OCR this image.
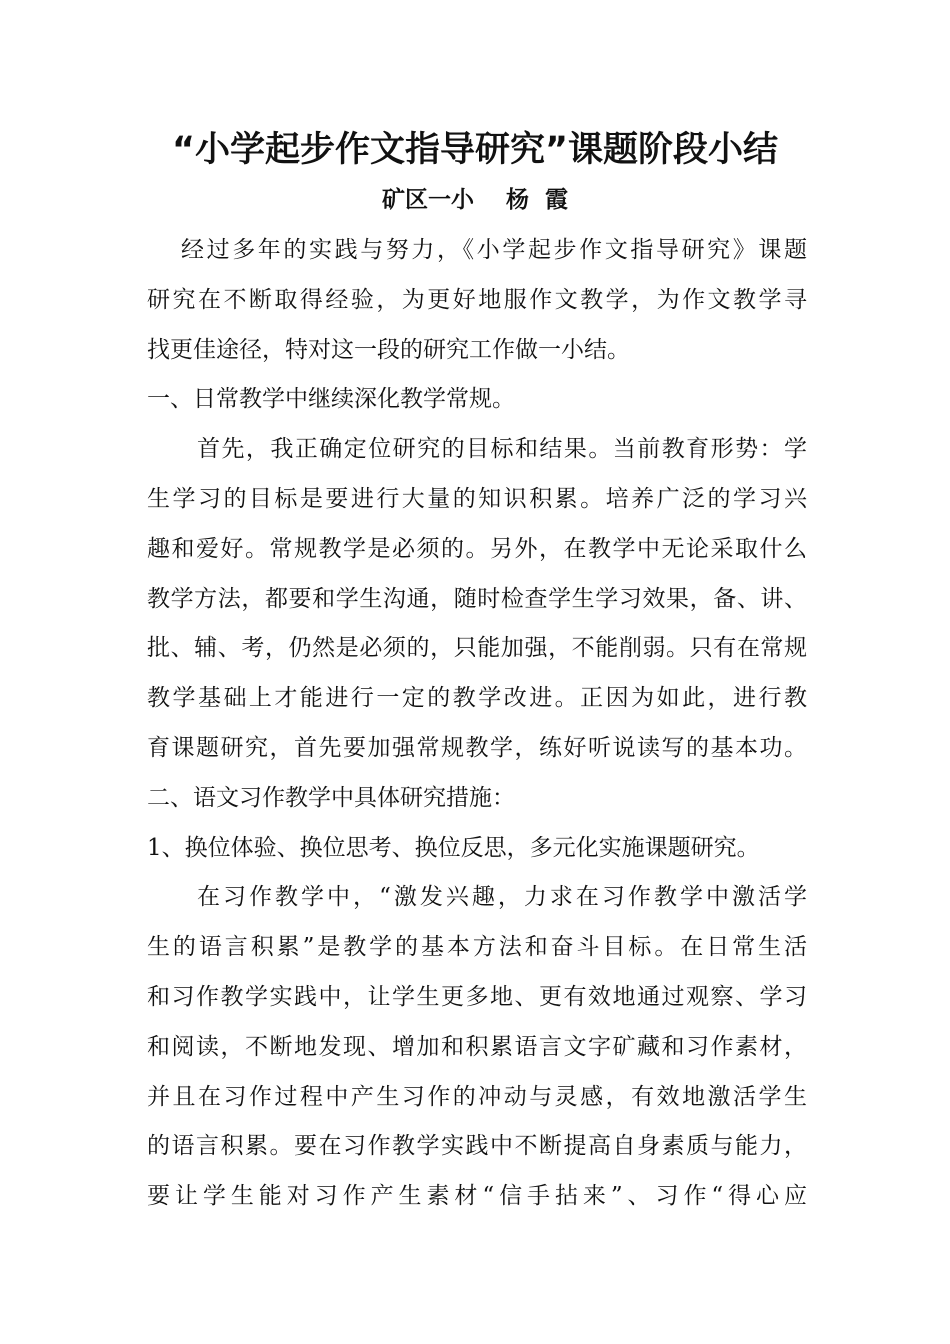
“小学起步作文指导研究”课题阶段小结
矿区一小    杨  霞
经过多年的实践与努力，《小学起步作文指导研究》课题
研究在不断取得经验，为更好地服作文教学，为作文教学寻
找更佳途径，特对这一段的研究工作做一小结。
一、日常教学中继续深化教学常规。
首先，我正确定位研究的目标和结果。当前教育形势：学
生学习的目标是要进行大量的知识积累。培养广泛的学习兴
趣和爱好。常规教学是必须的。另外，在教学中无论采取什么
教学方法，都要和学生沟通，随时检查学生学习效果，备、讲、
批、辅、考，仍然是必须的，只能加强，不能削弱。只有在常规
教学基础上才能进行一定的教学改进。正因为如此，进行教
育课题研究，首先要加强常规教学，练好听说读写的基本功。
二、语文习作教学中具体研究措施：
1、换位体验、换位思考、换位反思，多元化实施课题研究。
在习作教学中，“激发兴趣，力求在习作教学中激活学
生的语言积累”是教学的基本方法和奋斗目标。在日常生活
和习作教学实践中，让学生更多地、更有效地通过观察、学习
和阅读，不断地发现、增加和积累语言文字矿藏和习作素材，
并且在习作过程中产生习作的冲动与灵感，有效地激活学生
的语言积累。要在习作教学实践中不断提高自身素质与能力，
要让学生能对习作产生素材“信手拈来”、习作“得心应
